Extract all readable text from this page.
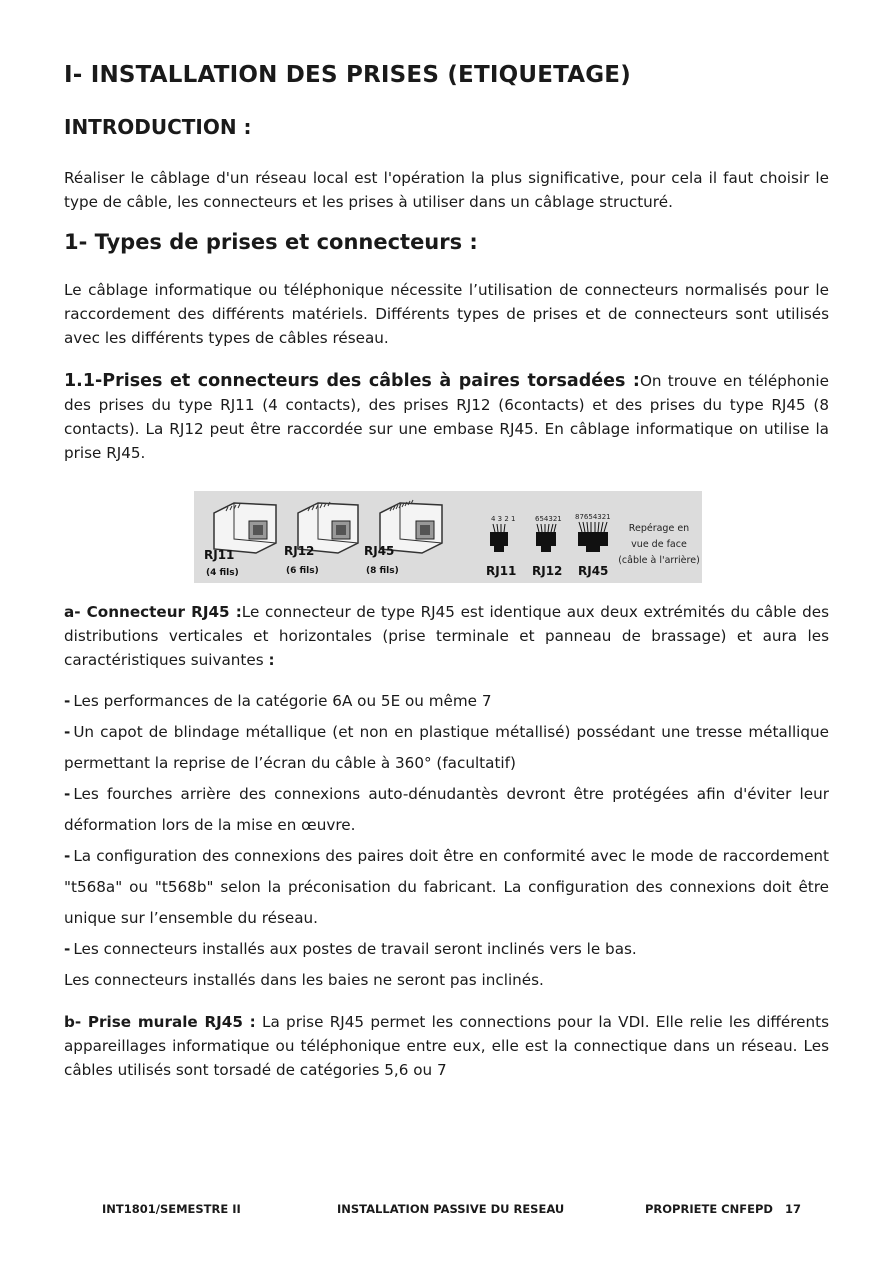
I- INSTALLATION DES PRISES (ETIQUETAGE)
INTRODUCTION :
Réaliser le câblage d'un réseau local est l'opération la plus significative, pour cela il faut choisir le type de câble, les connecteurs et les prises à utiliser dans un câblage structuré.
1- Types de prises et connecteurs :
Le câblage informatique ou téléphonique nécessite l’utilisation de connecteurs normalisés pour le raccordement des différents matériels. Différents types de prises et de connecteurs sont utilisés avec les différents types de câbles réseau.
1.1-Prises et connecteurs des câbles à paires torsadées :On trouve en téléphonie des prises du type RJ11 (4 contacts), des prises RJ12 (6contacts) et des prises du type RJ45 (8 contacts). La RJ12 peut être raccordée sur une embase RJ45. En câblage informatique on utilise la prise RJ45.
RJ11
(4 fils)
RJ12
(6 fils)
RJ45
(8 fils)
4 3 2 1	654321 87654321
RJ11 RJ12 RJ45
Repérage en
vue de face
(câble à l'arrière)
a- Connecteur RJ45 :Le connecteur de type RJ45 est identique aux deux extrémités du câble des distributions verticales et horizontales (prise terminale et panneau de brassage) et aura les caractéristiques suivantes :
- Les performances de la catégorie 6A ou 5E ou même 7
- Un capot de blindage métallique (et non en plastique métallisé) possédant une tresse métallique permettant la reprise de l’écran du câble à 360° (facultatif)
- Les fourches arrière des connexions auto-dénudantès devront être protégées afin d'éviter leur déformation lors de la mise en œuvre.
- La configuration des connexions des paires doit être en conformité avec le mode de raccordement "t568a" ou "t568b" selon la préconisation du fabricant. La configuration des connexions doit être unique sur l’ensemble du réseau.
- Les connecteurs installés aux postes de travail seront inclinés vers le bas.
Les connecteurs installés dans les baies ne seront pas inclinés.
b- Prise murale RJ45 : La prise RJ45 permet les connections pour la VDI. Elle relie les différents appareillages informatique ou téléphonique entre eux, elle est la connectique dans un réseau. Les câbles utilisés sont torsadé de catégories 5,6 ou 7
INT1801/SEMESTRE II	INSTALLATION PASSIVE DU RESEAU	PROPRIETE CNFEPD 17
